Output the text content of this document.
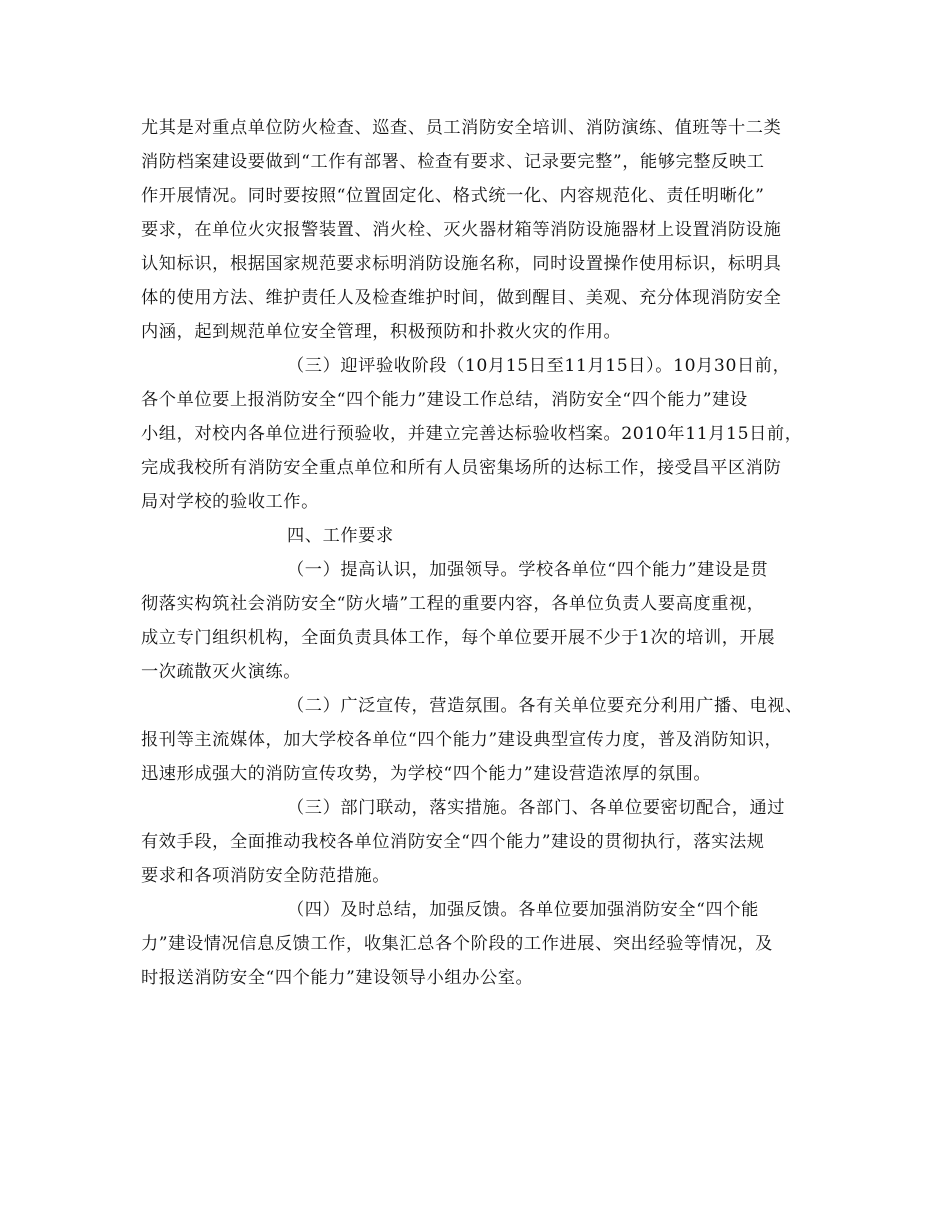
尤其是对重点单位防火检查、巡查、员工消防安全培训、消防演练、值班等十二类
消防档案建设要做到“工作有部署、检查有要求、记录要完整”，能够完整反映工
作开展情况。同时要按照“位置固定化、格式统一化、内容规范化、责任明晰化”
要求，在单位火灾报警装置、消火栓、灭火器材箱等消防设施器材上设置消防设施
认知标识，根据国家规范要求标明消防设施名称，同时设置操作使用标识，标明具
体的使用方法、维护责任人及检查维护时间，做到醒目、美观、充分体现消防安全
内涵，起到规范单位安全管理，积极预防和扑救火灾的作用。
（三）迎评验收阶段（10月15日至11月15日）。10月30日前，
各个单位要上报消防安全“四个能力”建设工作总结，消防安全“四个能力”建设
小组，对校内各单位进行预验收，并建立完善达标验收档案。2010年11月15日前，
完成我校所有消防安全重点单位和所有人员密集场所的达标工作，接受昌平区消防
局对学校的验收工作。
四、工作要求
（一）提高认识，加强领导。学校各单位“四个能力”建设是贯
彻落实构筑社会消防安全“防火墙”工程的重要内容，各单位负责人要高度重视，
成立专门组织机构，全面负责具体工作，每个单位要开展不少于1次的培训，开展
一次疏散灭火演练。
（二）广泛宣传，营造氛围。各有关单位要充分利用广播、电视、
报刊等主流媒体，加大学校各单位“四个能力”建设典型宣传力度，普及消防知识，
迅速形成强大的消防宣传攻势，为学校“四个能力”建设营造浓厚的氛围。
（三）部门联动，落实措施。各部门、各单位要密切配合，通过
有效手段，全面推动我校各单位消防安全“四个能力”建设的贯彻执行，落实法规
要求和各项消防安全防范措施。
（四）及时总结，加强反馈。各单位要加强消防安全“四个能
力”建设情况信息反馈工作，收集汇总各个阶段的工作进展、突出经验等情况，及
时报送消防安全“四个能力”建设领导小组办公室。
